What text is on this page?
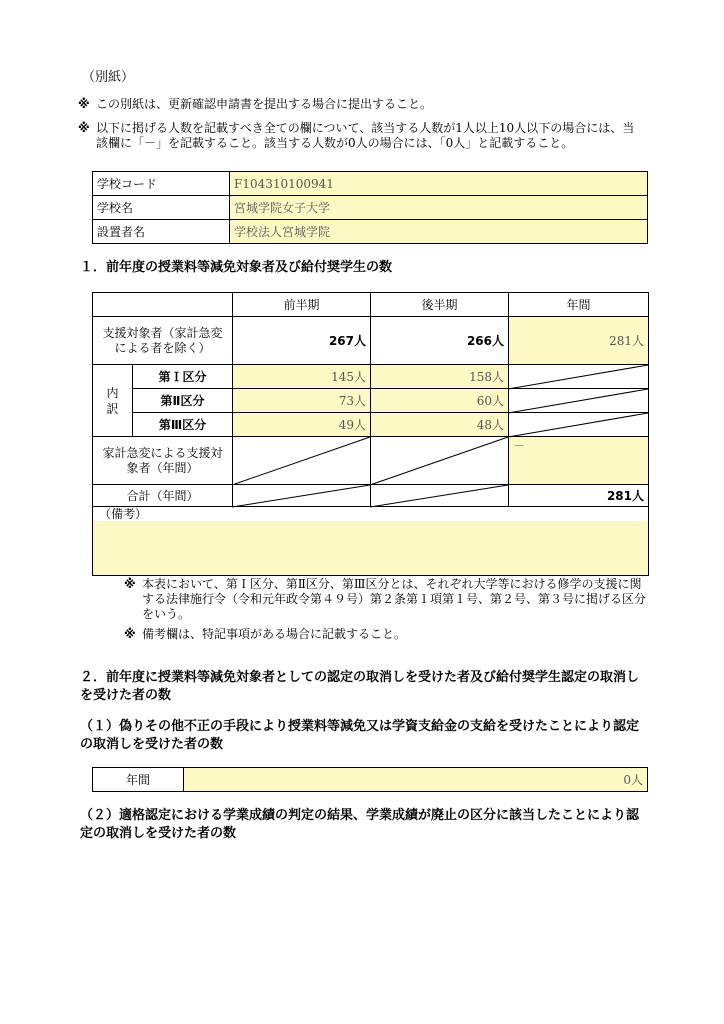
（別紙）
※ この別紙は、更新確認申請書を提出する場合に提出すること。
※ 以下に掲げる人数を記載すべき全ての欄について、該当する人数が1人以上10人以下の場合には、当該欄に「－」を記載すること。該当する人数が0人の場合には、「0人」と記載すること。
学校コード	F104310100941
学校名	宮城学院女子大学
設置者名	学校法人宮城学院
１．前年度の授業料等減免対象者及び給付奨学生の数
		前半期	後半期	年間
支援対象者（家計急変による者を除く）		267人	266人	281人
内訳	第Ｉ区分	145人	158人	
	第Ⅱ区分	73人	60人	
	第Ⅲ区分	49人	48人	
家計急変による支援対象者（年間）				－
合計（年間）				281人

（備考）				
※ 本表において、第Ｉ区分、第Ⅱ区分、第Ⅲ区分とは、それぞれ大学等における修学の支援に関する法律施行令（令和元年政令第４９号）第２条第１項第１号、第２号、第３号に掲げる区分をいう。
※ 備考欄は、特記事項がある場合に記載すること。
２．前年度に授業料等減免対象者としての認定の取消しを受けた者及び給付奨学生認定の取消しを受けた者の数
（１）偽りその他不正の手段により授業料等減免又は学資支給金の支給を受けたことにより認定の取消しを受けた者の数
年間	0人
（２）適格認定における学業成績の判定の結果、学業成績が廃止の区分に該当したことにより認定の取消しを受けた者の数
